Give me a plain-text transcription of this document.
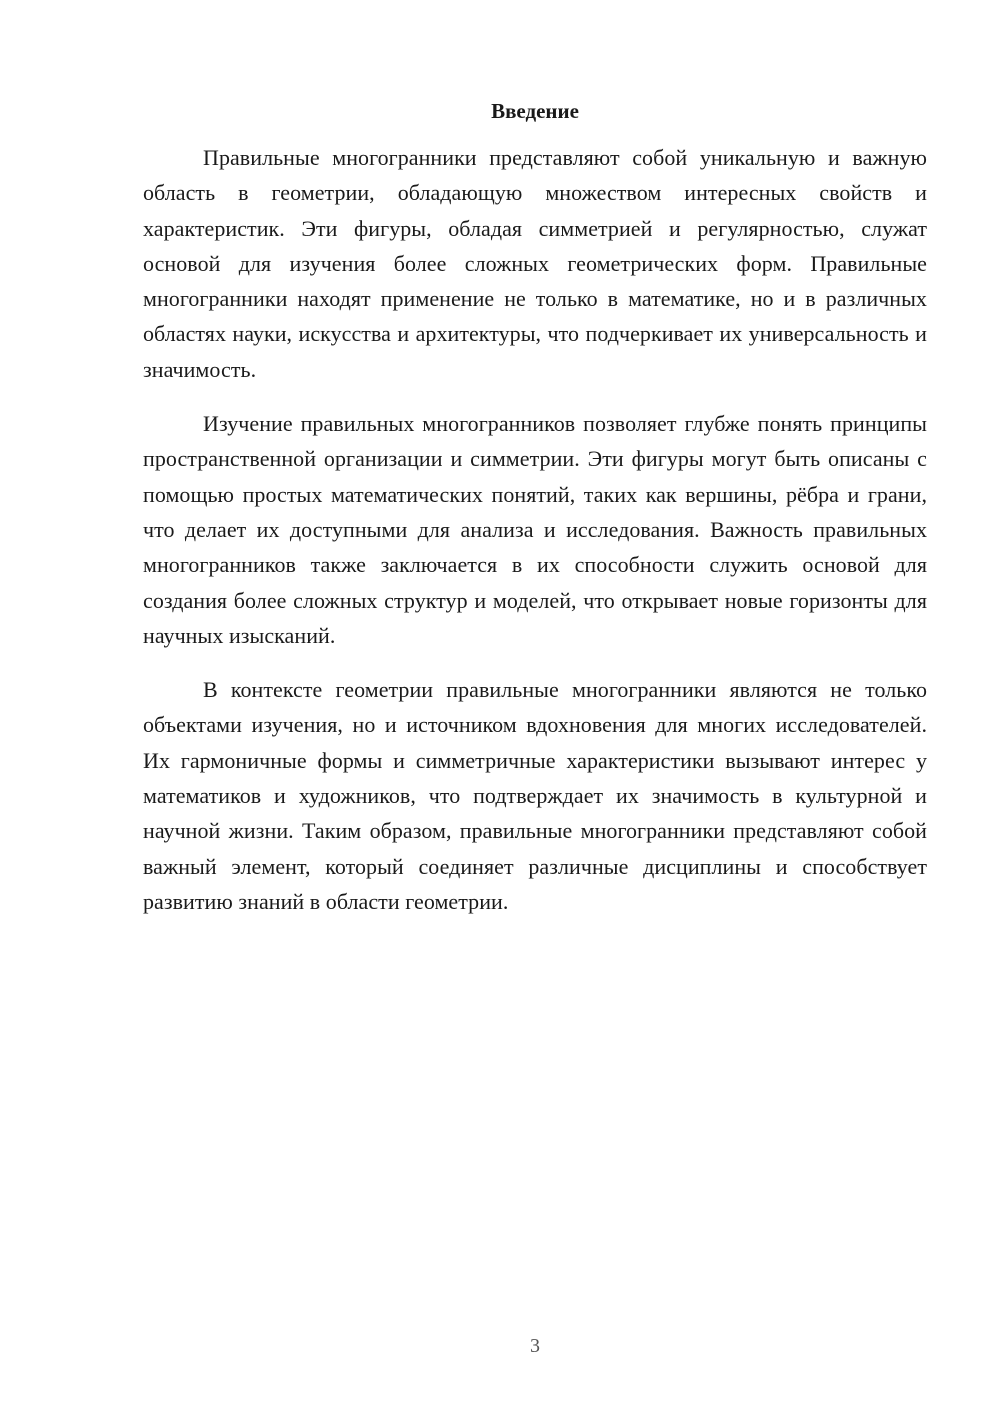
Введение

Правильные многогранники представляют собой уникальную и важную область в геометрии, обладающую множеством интересных свойств и характеристик. Эти фигуры, обладая симметрией и регулярностью, служат основой для изучения более сложных геометрических форм. Правильные многогранники находят применение не только в математике, но и в различных областях науки, искусства и архитектуры, что подчеркивает их универсальность и значимость.

Изучение правильных многогранников позволяет глубже понять принципы пространственной организации и симметрии. Эти фигуры могут быть описаны с помощью простых математических понятий, таких как вершины, рёбра и грани, что делает их доступными для анализа и исследования. Важность правильных многогранников также заключается в их способности служить основой для создания более сложных структур и моделей, что открывает новые горизонты для научных изысканий.

В контексте геометрии правильные многогранники являются не только объектами изучения, но и источником вдохновения для многих исследователей. Их гармоничные формы и симметричные характеристики вызывают интерес у математиков и художников, что подтверждает их значимость в культурной и научной жизни. Таким образом, правильные многогранники представляют собой важный элемент, который соединяет различные дисциплины и способствует развитию знаний в области геометрии.

3
